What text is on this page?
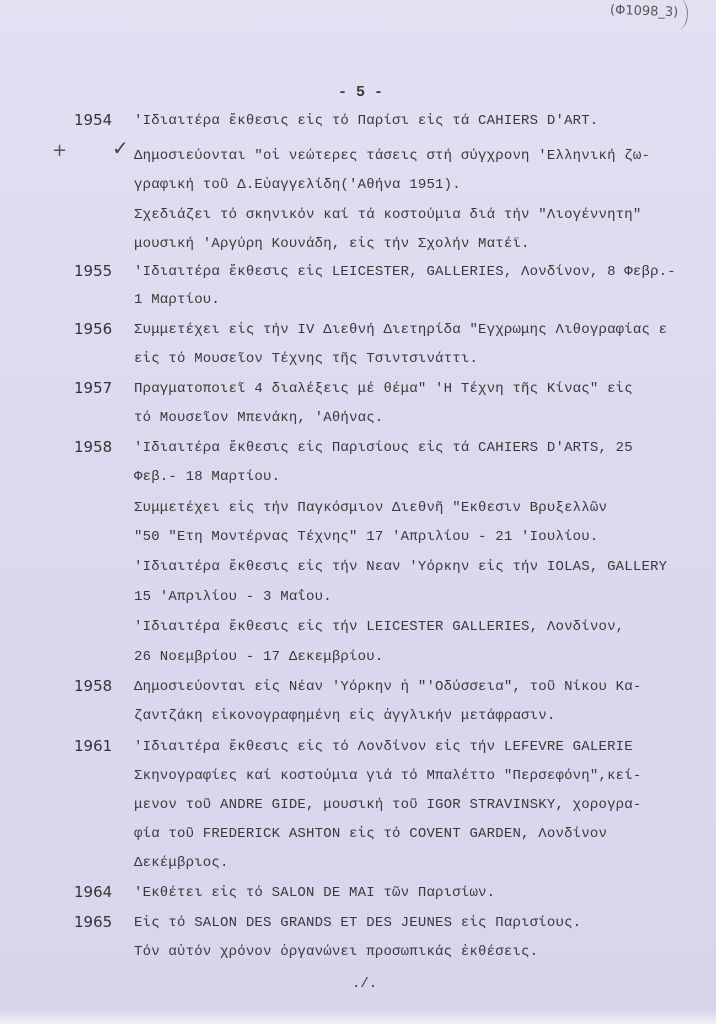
(Φ1098_3)
- 5 -
+ ✓
1954 'Ιδιαιτέρα ἔκθεσις εἰς τό Παρίσι εἰς τά CAHIERS D'ART.
Δημοσιεύονται "οἱ νεώτερες τάσεις στή σύγχρονη 'Ελληνική ζω-
γραφική τοῦ Δ.Εὐαγγελίδη('Αθήνα 1951).
Σχεδιάζει τό σκηνικόν καί τά κοστούμια διά τήν "Λιογέννητη"
μουσική 'Αργύρη Κουνάδη, εἰς τήν Σχολήν Ματέϊ.
1955 'Ιδιαιτέρα ἔκθεσις εἰς LEICESTER, GALLERIES, Λονδίνον, 8 Φεβρ.-
1 Μαρτίου.
1956 Συμμετέχει εἰς τήν IV Διεθνή Διετηρίδα "Εγχρωμης Λιθογραφίας ε
εἰς τό Μουσεῖον Τέχνης τῆς Τσιντσινάττι.
1957 Πραγματοποιεῖ 4 διαλέξεις μέ θέμα" 'Η Τέχνη τῆς Κίνας" εἰς
τό Μουσεῖον Μπενάκη, 'Αθήνας.
1958 'Ιδιαιτέρα ἔκθεσις εἰς Παρισίους εἰς τά CAHIERS D'ARTS, 25
Φεβ.- 18 Μαρτίου.
Συμμετέχει εἰς τήν Παγκόσμιον Διεθνῆ "Εκθεσιν Βρυξελλῶν
"50 "Ετη Μοντέρνας Τέχνης" 17 'Απριλίου - 21 'Ιουλίου.
'Ιδιαιτέρα ἔκθεσις εἰς τήν Νεαν 'Υόρκην εἰς τήν IOLAS, GALLERY
15 'Απριλίου - 3 Μαΐου.
'Ιδιαιτέρα ἔκθεσις εἰς τήν LEICESTER GALLERIES, Λονδίνον,
26 Νοεμβρίου - 17 Δεκεμβρίου.
1958 Δημοσιεύονται εἰς Νέαν 'Υόρκην ἡ "'Οδύσσεια", τοῦ Νίκου Κα-
ζαντζάκη εἰκονογραφημένη εἰς ἀγγλικήν μετάφρασιν.
1961 'Ιδιαιτέρα ἔκθεσις εἰς τό Λονδίνον εἰς τήν LEFEVRE GALERIE
Σκηνογραφίες καί κοστούμια γιά τό Μπαλέττο "Περσεφόνη",κεί-
μενον τοῦ ANDRE GIDE, μουσική τοῦ IGOR STRAVINSKY, χορογρα-
φία τοῦ FREDERICK ASHTON εἰς τό COVENT GARDEN, Λονδίνον
Δεκέμβριος.
1964 'Εκθέτει εἰς τό SALON DE MAI τῶν Παρισίων.
1965 Εἰς τό SALON DES GRANDS ET DES JEUNES εἰς Παρισίους.
Τόν αὐτόν χρόνον ὀργανώνει προσωπικάς ἐκθέσεις.
./.
